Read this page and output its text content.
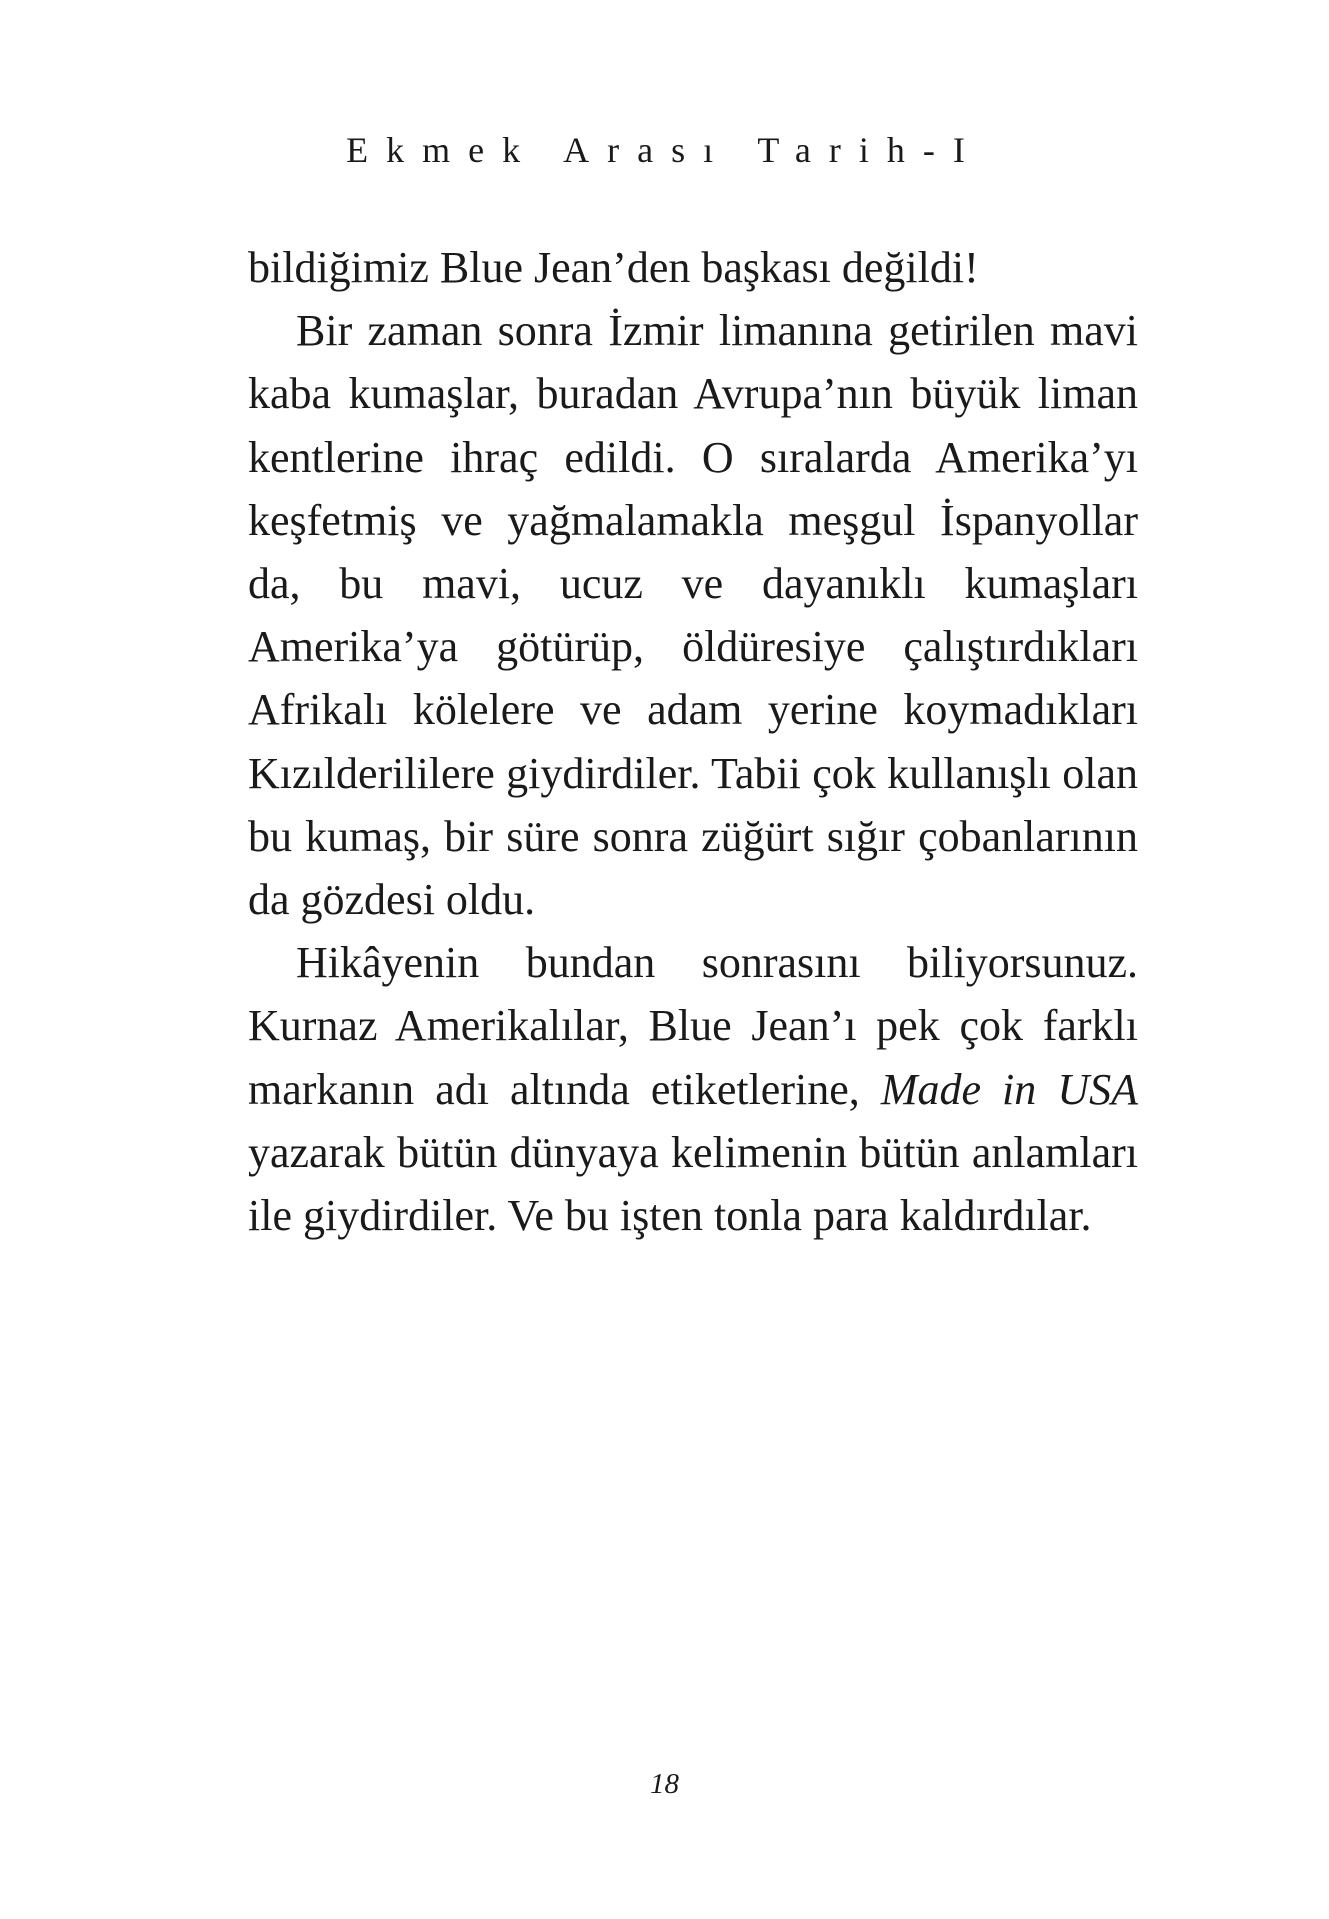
Ekmek Arası Tarih-I

bildiğimiz Blue Jean’den başkası değildi!

Bir zaman sonra İzmir limanına getirilen mavi kaba kumaşlar, buradan Avrupa’nın büyük liman kentlerine ihraç edildi. O sıralarda Amerika’yı keşfetmiş ve yağmalamakla meşgul İspanyollar da, bu mavi, ucuz ve dayanıklı kumaşları Amerika’ya götürüp, öldüresiye çalıştırdıkları Afrikalı kölelere ve adam yerine koymadıkları Kızılderililere giydirdiler. Tabii çok kullanışlı olan bu kumaş, bir süre sonra züğürt sığır çobanlarının da gözdesi oldu.

Hikâyenin bundan sonrasını biliyorsunuz. Kurnaz Amerikalılar, Blue Jean’ı pek çok farklı markanın adı altında etiketlerine, Made in USA yazarak bütün dünyaya kelimenin bütün anlamları ile giydirdiler. Ve bu işten tonla para kaldırdılar.

18
